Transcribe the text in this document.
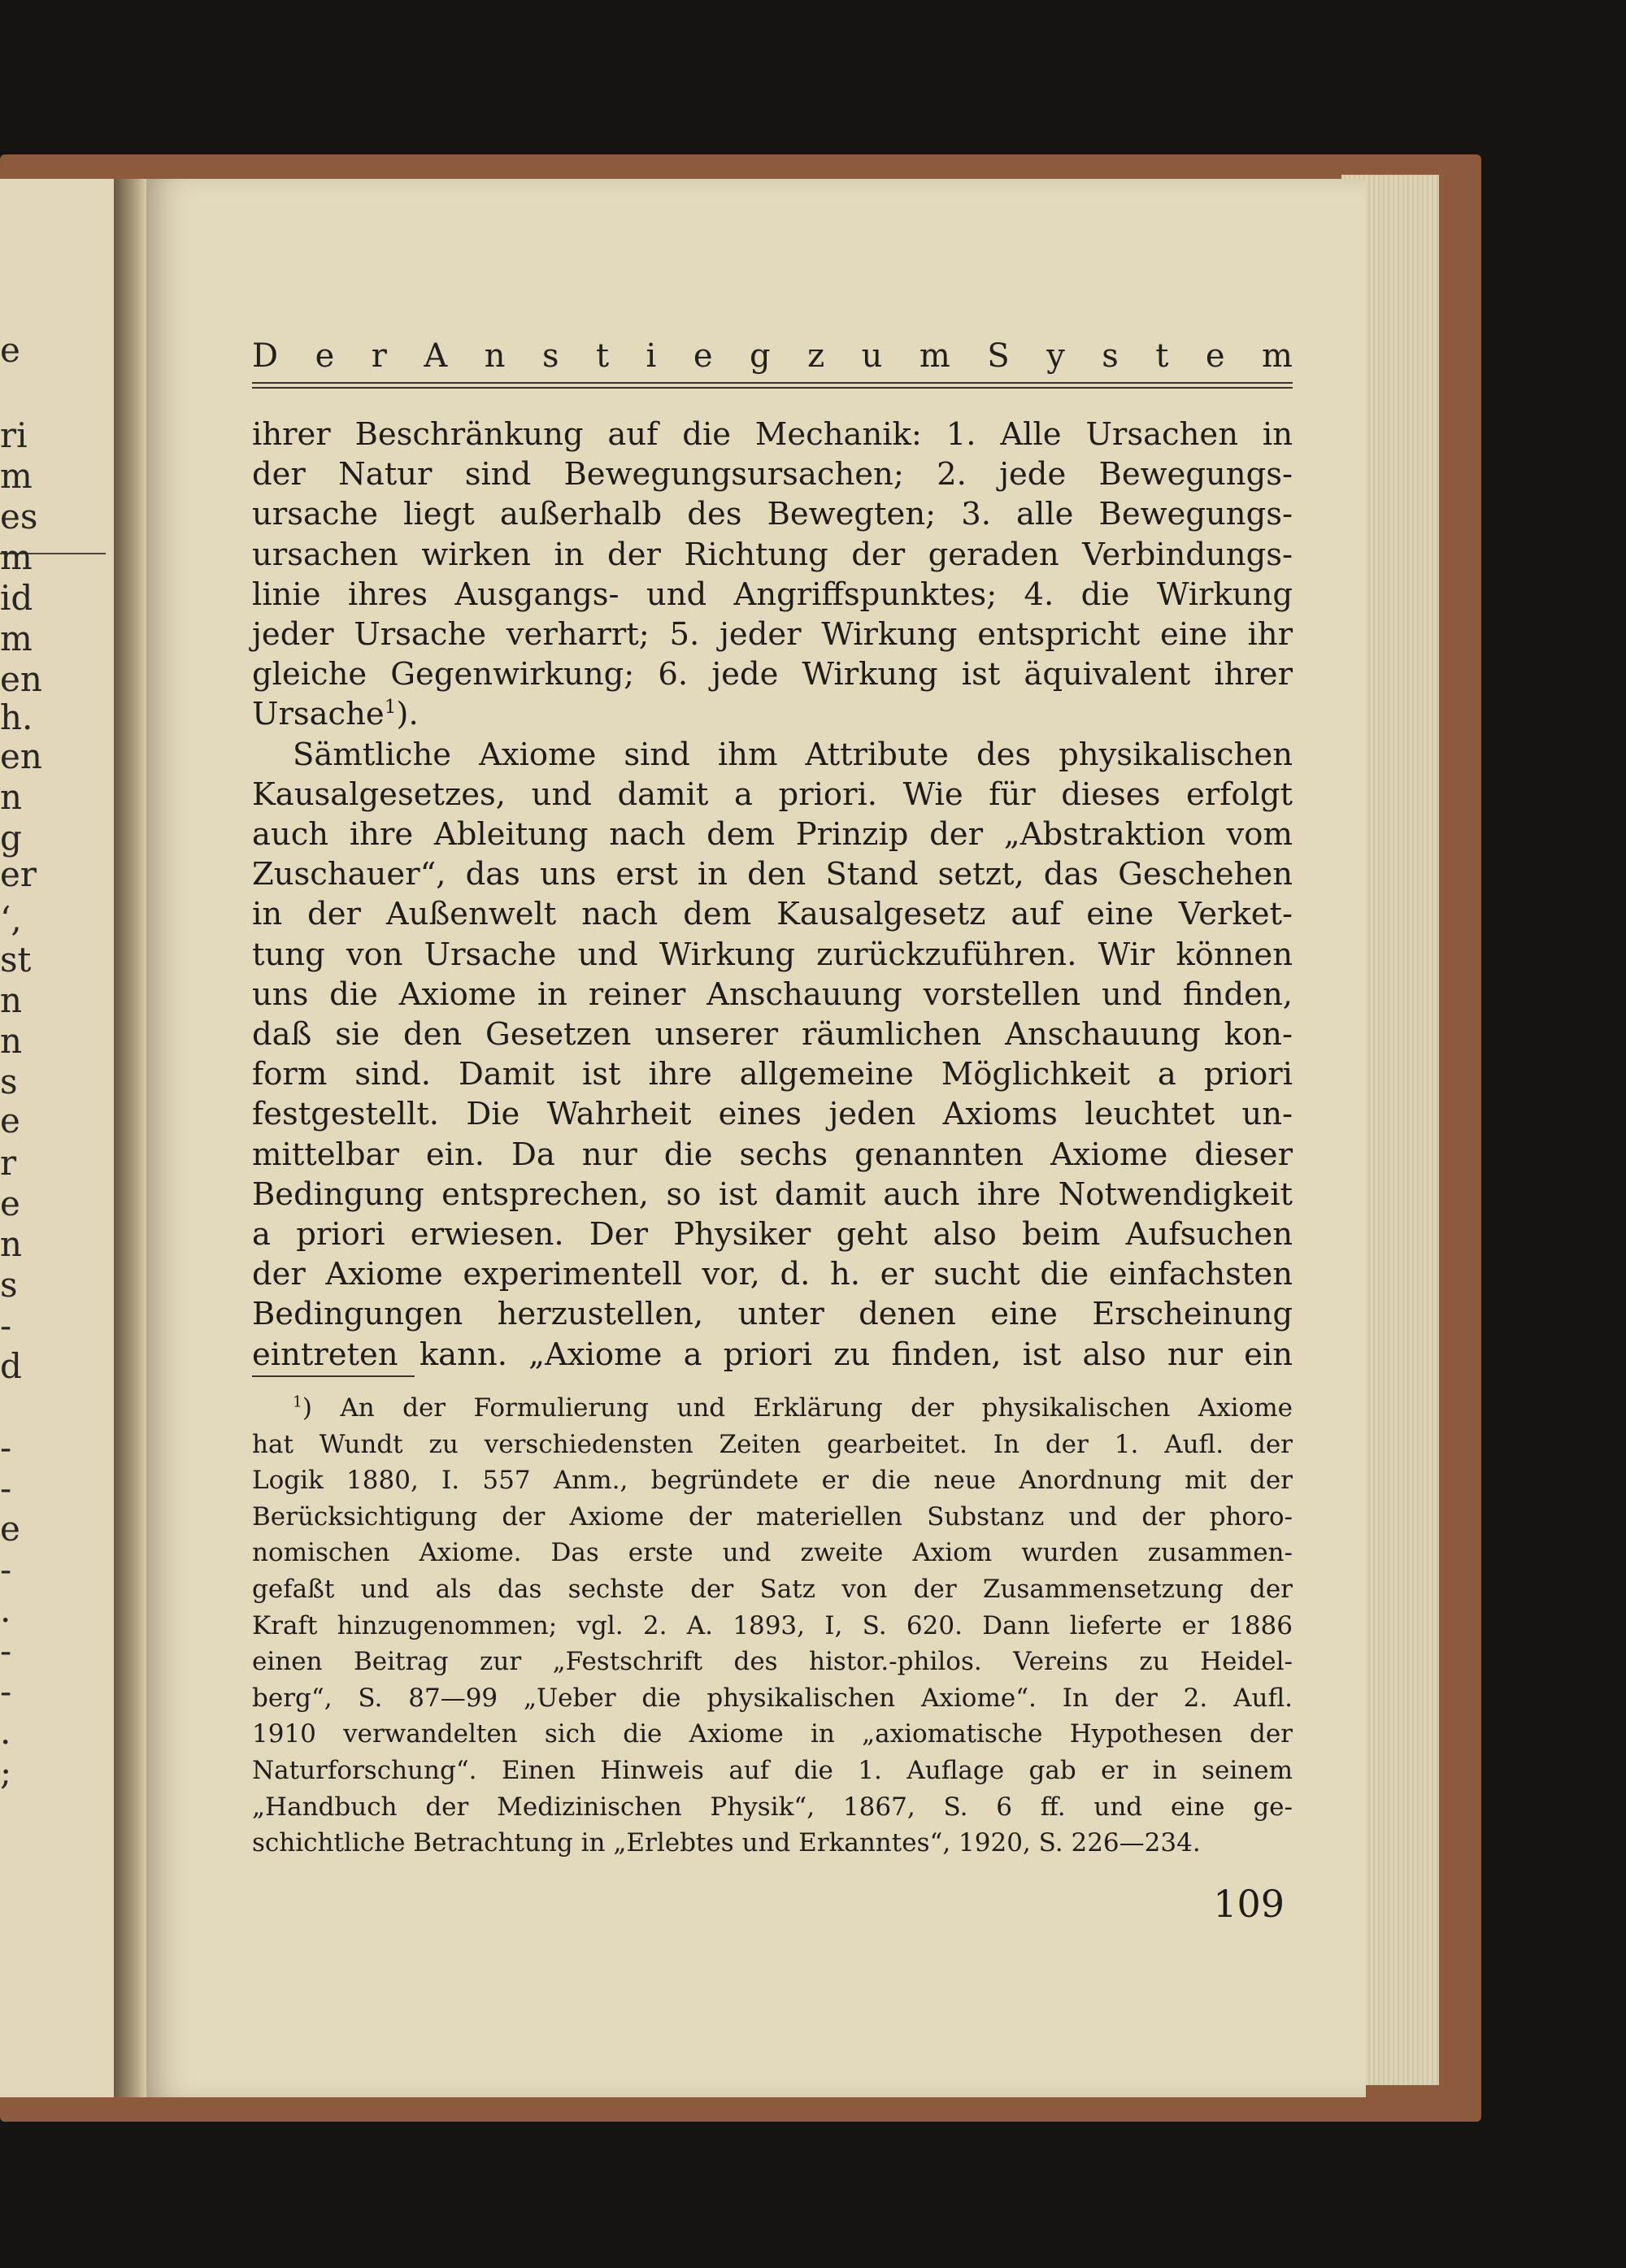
e
ri
m
es
m
id
m
en
h.
en
n
g
er
‘,
st
n
n
s
e
r
e
n
s
-
d
-
-
e
-
.
-
-
.
;
D e r A n s t i e g z u m S y s t e m
ihrer Beschränkung auf die Mechanik: 1. Alle Ursachen in
der Natur sind Bewegungsursachen; 2. jede Bewegungs-
ursache liegt außerhalb des Bewegten; 3. alle Bewegungs-
ursachen wirken in der Richtung der geraden Verbindungs-
linie ihres Ausgangs- und Angriffspunktes; 4. die Wirkung
jeder Ursache verharrt; 5. jeder Wirkung entspricht eine ihr
gleiche Gegenwirkung; 6. jede Wirkung ist äquivalent ihrer
Ursache$^1$).
Sämtliche Axiome sind ihm Attribute des physikalischen
Kausalgesetzes, und damit a priori. Wie für dieses erfolgt
auch ihre Ableitung nach dem Prinzip der „Abstraktion vom
Zuschauer“, das uns erst in den Stand setzt, das Geschehen
in der Außenwelt nach dem Kausalgesetz auf eine Verket-
tung von Ursache und Wirkung zurückzuführen. Wir können
uns die Axiome in reiner Anschauung vorstellen und finden,
daß sie den Gesetzen unserer räumlichen Anschauung kon-
form sind. Damit ist ihre allgemeine Möglichkeit a priori
festgestellt. Die Wahrheit eines jeden Axioms leuchtet un-
mittelbar ein. Da nur die sechs genannten Axiome dieser
Bedingung entsprechen, so ist damit auch ihre Notwendigkeit
a priori erwiesen. Der Physiker geht also beim Aufsuchen
der Axiome experimentell vor, d. h. er sucht die einfachsten
Bedingungen herzustellen, unter denen eine Erscheinung
eintreten kann. „Axiome a priori zu finden, ist also nur ein
$^1$) An der Formulierung und Erklärung der physikalischen Axiome
hat Wundt zu verschiedensten Zeiten gearbeitet. In der 1. Aufl. der
Logik 1880, I. 557 Anm., begründete er die neue Anordnung mit der
Berücksichtigung der Axiome der materiellen Substanz und der phoro-
nomischen Axiome. Das erste und zweite Axiom wurden zusammen-
gefaßt und als das sechste der Satz von der Zusammensetzung der
Kraft hinzugenommen; vgl. 2. A. 1893, I, S. 620. Dann lieferte er 1886
einen Beitrag zur „Festschrift des histor.-philos. Vereins zu Heidel-
berg“, S. 87—99 „Ueber die physikalischen Axiome“. In der 2. Aufl.
1910 verwandelten sich die Axiome in „axiomatische Hypothesen der
Naturforschung“. Einen Hinweis auf die 1. Auflage gab er in seinem
„Handbuch der Medizinischen Physik“, 1867, S. 6 ff. und eine ge-
schichtliche Betrachtung in „Erlebtes und Erkanntes“, 1920, S. 226—234.
109
